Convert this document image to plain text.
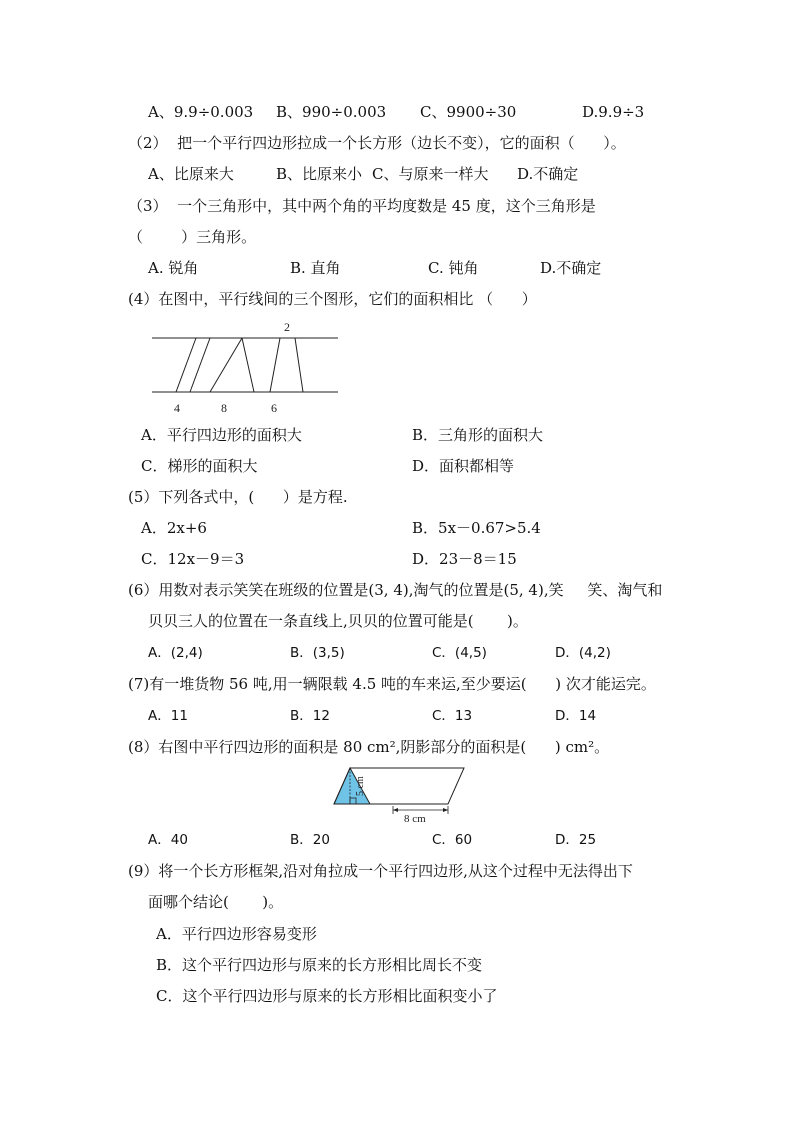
A、9.9÷0.003 B、990÷0.003 C、9900÷30	D.9.9÷3
（2）  把一个平行四边形拉成一个长方形（边长不变），它的面积（      ）。
A、比原来大	B、比原来小 C、与原来一样大 D.不确定
（3）  一个三角形中，其中两个角的平均度数是 45 度，这个三角形是
（        ）三角形。
A. 锐角	B. 直角	C. 钝角	D.不确定
(4）在图中，平行线间的三个图形，它们的面积相比 （      ）
2
4	8	6
A．平行四边形的面积大	B．三角形的面积大
C．梯形的面积大	D．面积都相等
(5）下列各式中，(      ）是方程.
A．2x+6	B．5x－0.67>5.4
C．12x－9＝3	D．23－8＝15
(6）用数对表示笑笑在班级的位置是(3, 4),淘气的位置是(5, 4),笑     笑、淘气和
贝贝三人的位置在一条直线上,贝贝的位置可能是(       )。
A．(2,4)	B．(3,5)	C．(4,5)	D．(4,2)
(7)有一堆货物 56 吨,用一辆限载 4.5 吨的车来运,至少要运(      ) 次才能运完。
A．11	B．12	C．13	D．14
(8）右图中平行四边形的面积是 80 cm²,阴影部分的面积是(      ) cm²。
5 cm
8 cm
A．40	B．20	C．60	D．25
(9）将一个长方形框架,沿对角拉成一个平行四边形,从这个过程中无法得出下
面哪个结论(       )。
A．平行四边形容易变形
B．这个平行四边形与原来的长方形相比周长不变
C．这个平行四边形与原来的长方形相比面积变小了
